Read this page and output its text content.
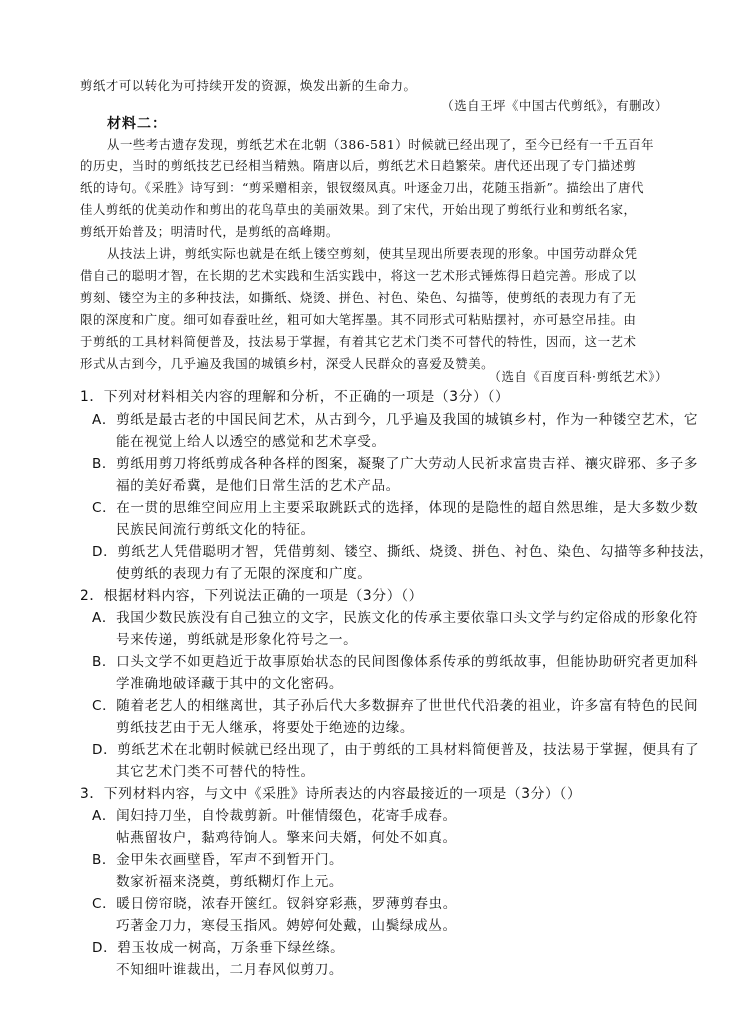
剪纸才可以转化为可持续开发的资源，焕发出新的生命力。
（选自王坪《中国古代剪纸》，有删改）
材料二：
从一些考古遗存发现，剪纸艺术在北朝（386-581）时候就已经出现了，至今已经有一千五百年
的历史，当时的剪纸技艺已经相当精熟。隋唐以后，剪纸艺术日趋繁荣。唐代还出现了专门描述剪
纸的诗句。《采胜》诗写到：“剪采赠相亲，银钗缀凤真。叶逐金刀出，花随玉指新”。描绘出了唐代
佳人剪纸的优美动作和剪出的花鸟草虫的美丽效果。到了宋代，开始出现了剪纸行业和剪纸名家，
剪纸开始普及；明清时代，是剪纸的高峰期。
从技法上讲，剪纸实际也就是在纸上镂空剪刻，使其呈现出所要表现的形象。中国劳动群众凭
借自己的聪明才智，在长期的艺术实践和生活实践中，将这一艺术形式锤炼得日趋完善。形成了以
剪刻、镂空为主的多种技法，如撕纸、烧烫、拼色、衬色、染色、勾描等，使剪纸的表现力有了无
限的深度和广度。细可如春蚕吐丝，粗可如大笔挥墨。其不同形式可粘贴摆衬，亦可悬空吊挂。由
于剪纸的工具材料简便普及，技法易于掌握，有着其它艺术门类不可替代的特性，因而，这一艺术
形式从古到今，几乎遍及我国的城镇乡村，深受人民群众的喜爱及赞美。
（选自《百度百科·剪纸艺术》）
1．下列对材料相关内容的理解和分析，不正确的一项是（3分）（）
A．剪纸是最古老的中国民间艺术，从古到今，几乎遍及我国的城镇乡村，作为一种镂空艺术，它
能在视觉上给人以透空的感觉和艺术享受。
B．剪纸用剪刀将纸剪成各种各样的图案，凝聚了广大劳动人民祈求富贵吉祥、禳灾辟邪、多子多
福的美好希冀，是他们日常生活的艺术产品。
C．在一贯的思维空间应用上主要采取跳跃式的选择，体现的是隐性的超自然思维，是大多数少数
民族民间流行剪纸文化的特征。
D．剪纸艺人凭借聪明才智，凭借剪刻、镂空、撕纸、烧烫、拼色、衬色、染色、勾描等多种技法，
使剪纸的表现力有了无限的深度和广度。
2．根据材料内容，下列说法正确的一项是（3分）（）
A．我国少数民族没有自己独立的文字，民族文化的传承主要依靠口头文学与约定俗成的形象化符
号来传递，剪纸就是形象化符号之一。
B．口头文学不如更趋近于故事原始状态的民间图像体系传承的剪纸故事，但能协助研究者更加科
学准确地破译藏于其中的文化密码。
C．随着老艺人的相继离世，其子孙后代大多数摒弃了世世代代沿袭的祖业，许多富有特色的民间
剪纸技艺由于无人继承，将要处于绝迹的边缘。
D．剪纸艺术在北朝时候就已经出现了，由于剪纸的工具材料简便普及，技法易于掌握，便具有了
其它艺术门类不可替代的特性。
3．下列材料内容，与文中《采胜》诗所表达的内容最接近的一项是（3分）（）
A．闺妇持刀坐，自怜裁剪新。叶催情缀色，花寄手成春。
帖燕留妆户，黏鸡待饷人。擎来问夫婿，何处不如真。
B．金甲朱衣画壁昏，军声不到暂开门。
数家祈福来浇奠，剪纸糊灯作上元。
C．暖日傍帘晓，浓春开箧红。钗斜穿彩燕，罗薄剪春虫。
巧著金刀力，寒侵玉指风。娉婷何处戴，山鬓绿成丛。
D．碧玉妆成一树高，万条垂下绿丝绦。
不知细叶谁裁出，二月春风似剪刀。
